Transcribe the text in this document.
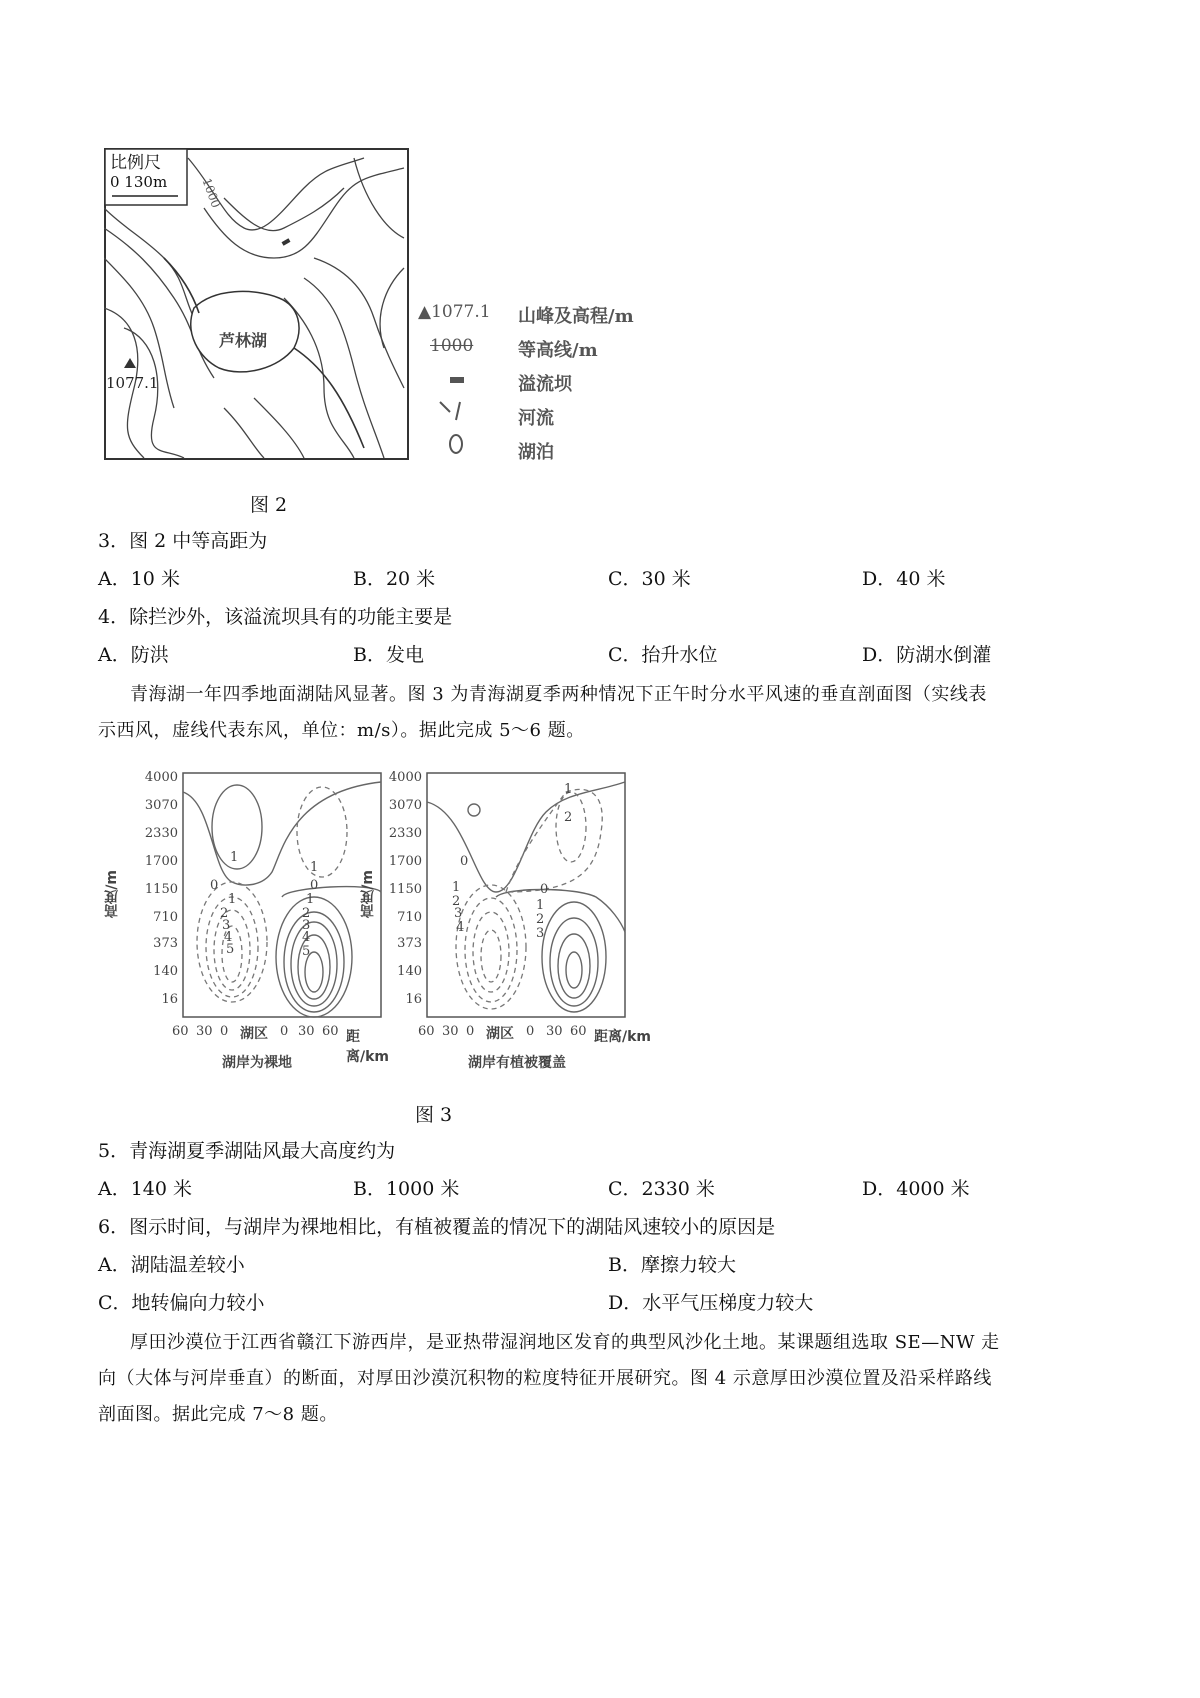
比例尺
0 130m	1000
芦林湖
1077.1
▲1077.1 山峰及高程/m
1000 等高线/m
溢流坝
河流
湖泊
图 2
3．图 2 中等高距为
A．10 米	B．20 米	C．30 米	D．40 米
4．除拦沙外，该溢流坝具有的功能主要是
A．防洪	B．发电	C．抬升水位	D．防湖水倒灌
青海湖一年四季地面湖陆风显著。图 3 为青海湖夏季两种情况下正午时分水平风速的垂直剖面图（实线表
示西风，虚线代表东风，单位：m/s）。据此完成 5～6 题。
4000
3070
2330
1700
1150
710
373
140
16
高度/m
1
1
0	0
1
2
3
4
5
1
2
3
4
5
60 30 0 湖区 0 30 60 距离/km
湖岸为裸地
4000
3070
2330
1700
1150
710
373
140
16
高度/m
1
2
0
1
2
3
4
0
1
2
3
60 30 0 湖区 0 30 60 距离/km
湖岸有植被覆盖
图 3
5．青海湖夏季湖陆风最大高度约为
A．140 米	B．1000 米	C．2330 米	D．4000 米
6．图示时间，与湖岸为裸地相比，有植被覆盖的情况下的湖陆风速较小的原因是
A．湖陆温差较小	B．摩擦力较大
C．地转偏向力较小	D．水平气压梯度力较大
厚田沙漠位于江西省赣江下游西岸，是亚热带湿润地区发育的典型风沙化土地。某课题组选取 SE—NW 走
向（大体与河岸垂直）的断面，对厚田沙漠沉积物的粒度特征开展研究。图 4 示意厚田沙漠位置及沿采样路线
剖面图。据此完成 7～8 题。
